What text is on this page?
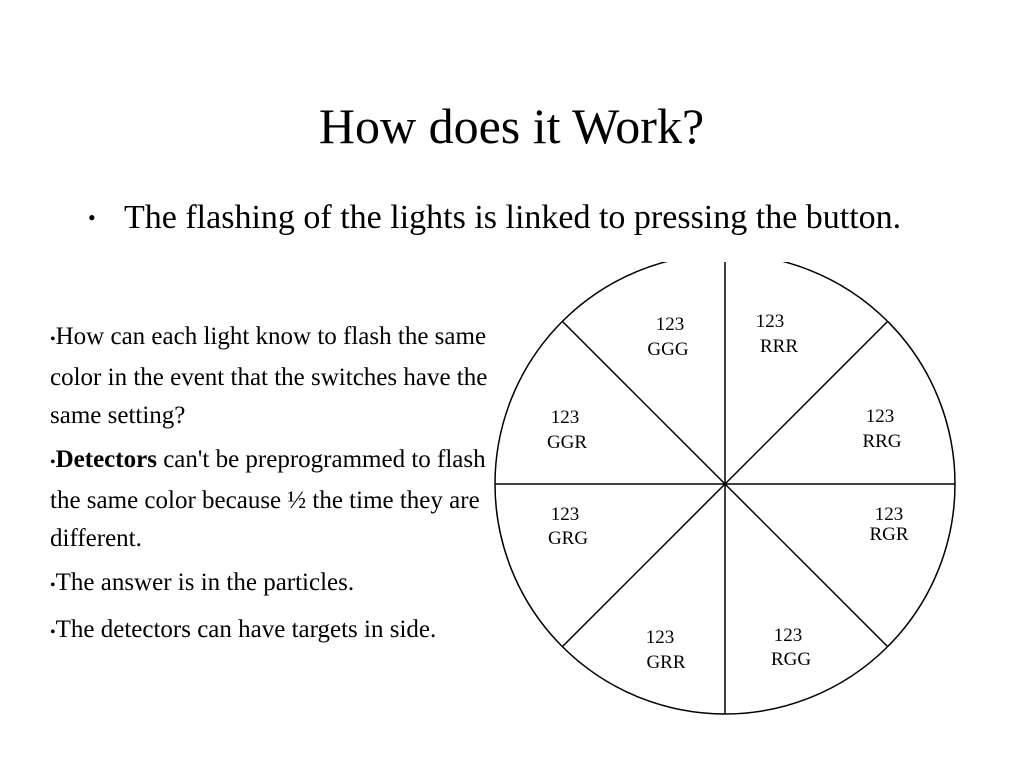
How does it Work?
• The flashing of the lights is linked to pressing the button.
•How can each light know to flash the same color in the event that the switches have the same setting?
•Detectors can't be preprogrammed to flash the same color because ½ the time they are different.
•The answer is in the particles.
•The detectors can have targets in side.
123
GGG
123
RRR
123
GGR
123
RRG
123
GRG
123
RGR
123
GRR
123
RGG
